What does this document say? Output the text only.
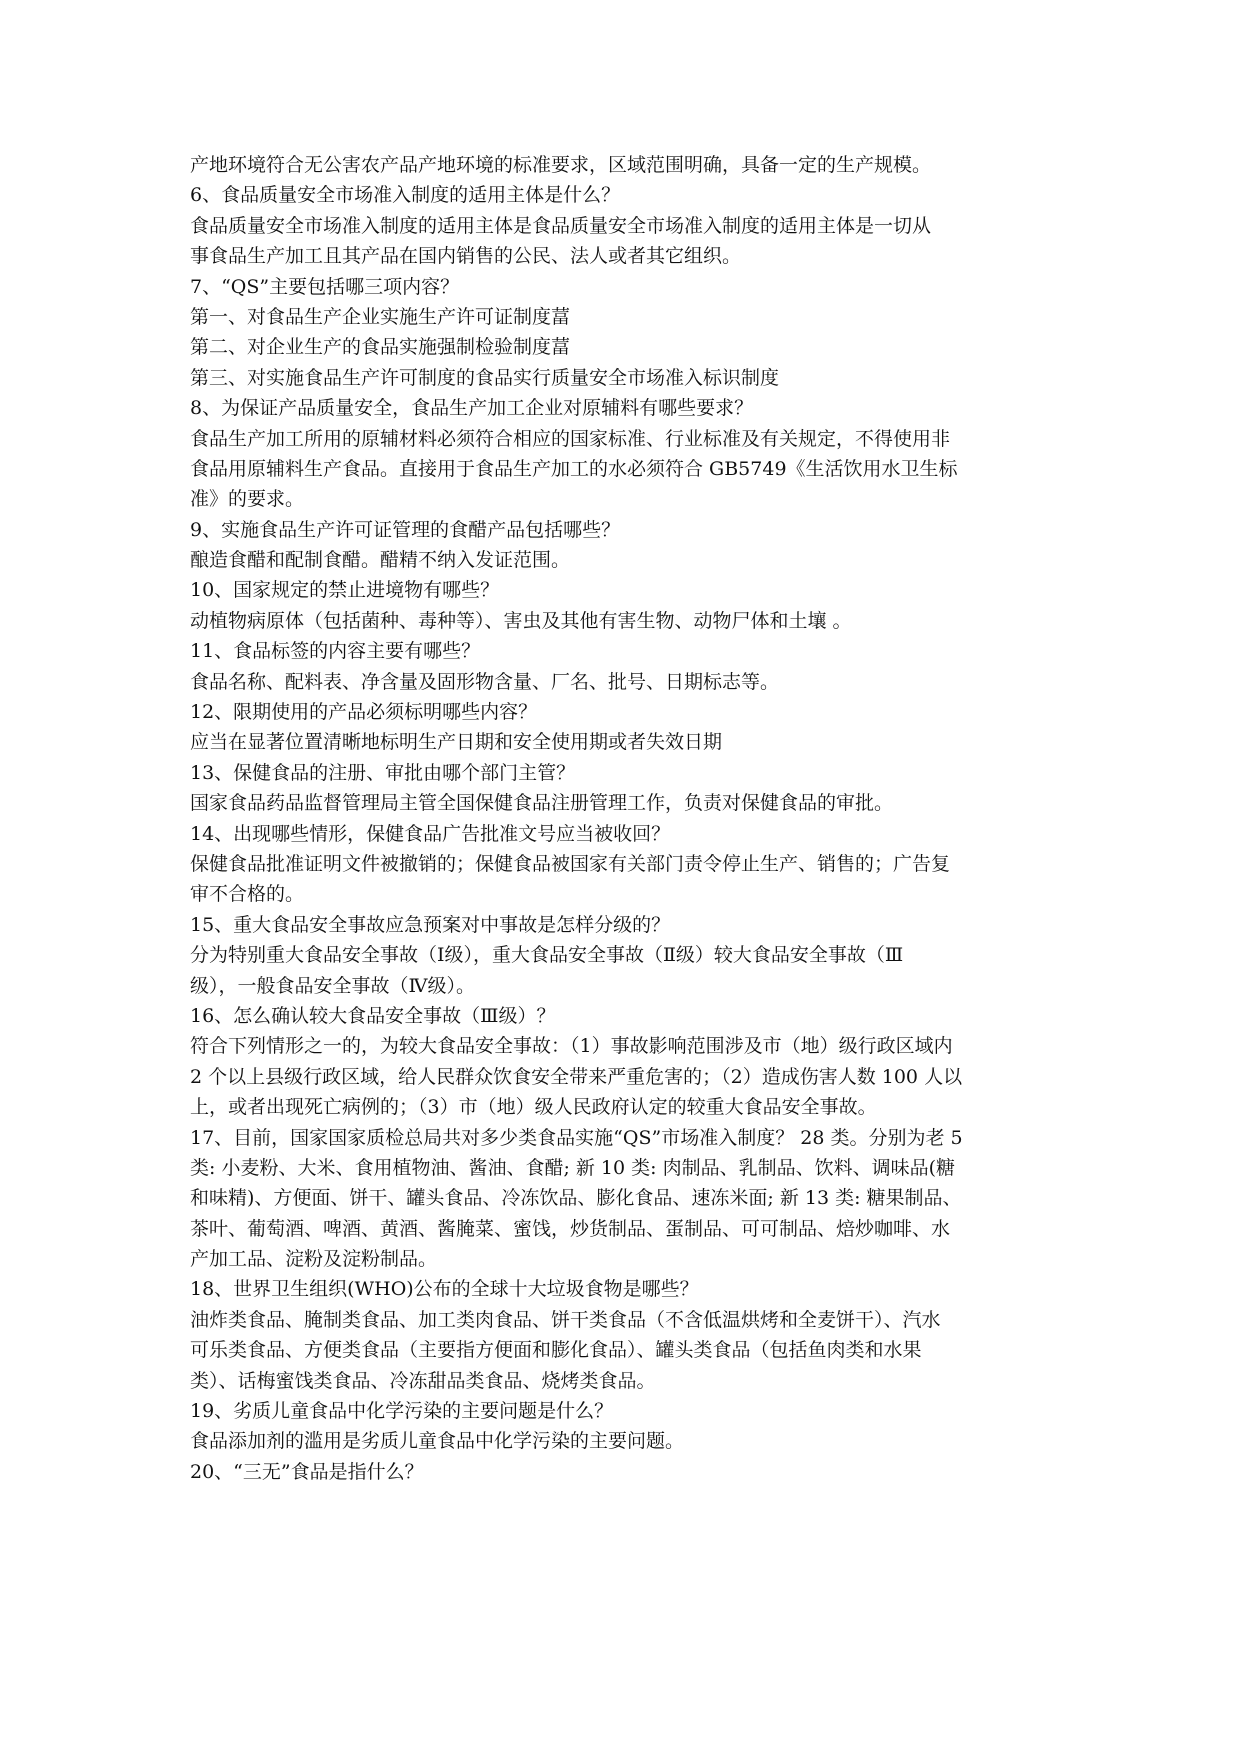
产地环境符合无公害农产品产地环境的标准要求，区域范围明确，具备一定的生产规模。
6、食品质量安全市场准入制度的适用主体是什么？
食品质量安全市场准入制度的适用主体是食品质量安全市场准入制度的适用主体是一切从
事食品生产加工且其产品在国内销售的公民、法人或者其它组织。
7、“QS”主要包括哪三项内容？
第一、对食品生产企业实施生产许可证制度葍
第二、对企业生产的食品实施强制检验制度葍
第三、对实施食品生产许可制度的食品实行质量安全市场准入标识制度
8、为保证产品质量安全，食品生产加工企业对原辅料有哪些要求？
食品生产加工所用的原辅材料必须符合相应的国家标准、行业标准及有关规定，不得使用非
食品用原辅料生产食品。直接用于食品生产加工的水必须符合 GB5749《生活饮用水卫生标
准》的要求。
9、实施食品生产许可证管理的食醋产品包括哪些？
酿造食醋和配制食醋。醋精不纳入发证范围。
10、国家规定的禁止进境物有哪些？
动植物病原体（包括菌种、毒种等）、害虫及其他有害生物、动物尸体和土壤 。
11、食品标签的内容主要有哪些？
食品名称、配料表、净含量及固形物含量、厂名、批号、日期标志等。
12、限期使用的产品必须标明哪些内容？
应当在显著位置清晰地标明生产日期和安全使用期或者失效日期
13、保健食品的注册、审批由哪个部门主管？
国家食品药品监督管理局主管全国保健食品注册管理工作，负责对保健食品的审批。
14、出现哪些情形，保健食品广告批准文号应当被收回？
保健食品批准证明文件被撤销的；保健食品被国家有关部门责令停止生产、销售的；广告复
审不合格的。
15、重大食品安全事故应急预案对中事故是怎样分级的？
分为特别重大食品安全事故（Ⅰ级），重大食品安全事故（Ⅱ级）较大食品安全事故（Ⅲ
级），一般食品安全事故（Ⅳ级）。
16、怎么确认较大食品安全事故（Ⅲ级）？
符合下列情形之一的，为较大食品安全事故：（1）事故影响范围涉及市（地）级行政区域内
2 个以上县级行政区域，给人民群众饮食安全带来严重危害的；（2）造成伤害人数 100 人以
上，或者出现死亡病例的；（3）市（地）级人民政府认定的较重大食品安全事故。
17、目前，国家国家质检总局共对多少类食品实施“QS”市场准入制度？ 28 类。分别为老 5
类: 小麦粉、大米、食用植物油、酱油、食醋; 新 10 类: 肉制品、乳制品、饮料、调味品(糖
和味精)、方便面、饼干、罐头食品、冷冻饮品、膨化食品、速冻米面; 新 13 类: 糖果制品、
茶叶、葡萄酒、啤酒、黄酒、酱腌菜、蜜饯，炒货制品、蛋制品、可可制品、焙炒咖啡、水
产加工品、淀粉及淀粉制品。
18、世界卫生组织(WHO)公布的全球十大垃圾食物是哪些？
油炸类食品、腌制类食品、加工类肉食品、饼干类食品（不含低温烘烤和全麦饼干）、汽水
可乐类食品、方便类食品（主要指方便面和膨化食品）、罐头类食品（包括鱼肉类和水果
类）、话梅蜜饯类食品、冷冻甜品类食品、烧烤类食品。
19、劣质儿童食品中化学污染的主要问题是什么？
食品添加剂的滥用是劣质儿童食品中化学污染的主要问题。
20、“三无”食品是指什么？
